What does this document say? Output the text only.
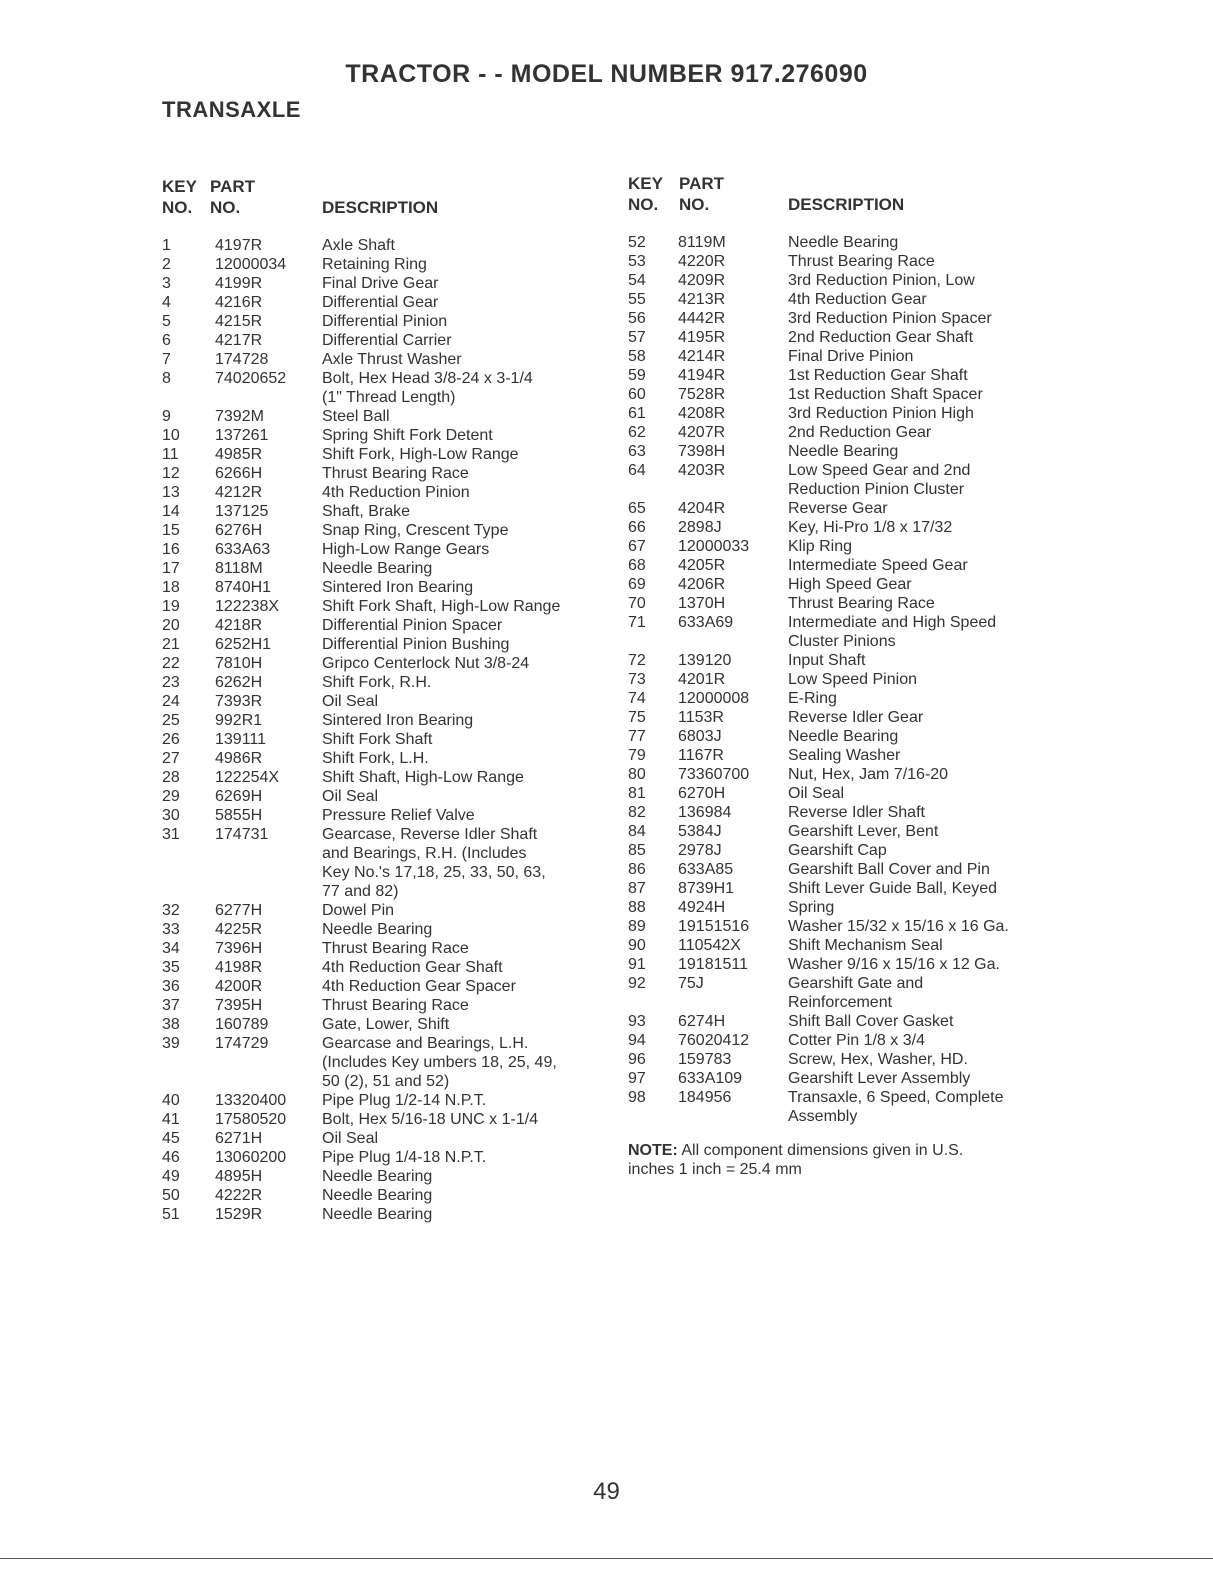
TRACTOR - - MODEL NUMBER 917.276090
TRANSAXLE
KEY
NO.
PART
NO.	DESCRIPTION
KEY
NO.
PART
NO.	DESCRIPTION
1	4197R	Axle Shaft
2	12000034	Retaining Ring
3	4199R	Final Drive Gear
4	4216R	Differential Gear
5	4215R	Differential Pinion
6	4217R	Differential Carrier
7	174728	Axle Thrust Washer
8	74020652	Bolt, Hex Head 3/8-24 x 3-1/4
(1" Thread Length)
9	7392M	Steel Ball
10	137261	Spring Shift Fork Detent
11	4985R	Shift Fork, High-Low Range
12	6266H	Thrust Bearing Race
13	4212R	4th Reduction Pinion
14	137125	Shaft, Brake
15	6276H	Snap Ring, Crescent Type
16	633A63	High-Low Range Gears
17	8118M	Needle Bearing
18	8740H1	Sintered Iron Bearing
19	122238X	Shift Fork Shaft, High-Low Range
20	4218R	Differential Pinion Spacer
21	6252H1	Differential Pinion Bushing
22	7810H	Gripco Centerlock Nut 3/8-24
23	6262H	Shift Fork, R.H.
24	7393R	Oil Seal
25	992R1	Sintered Iron Bearing
26	139111	Shift Fork Shaft
27	4986R	Shift Fork, L.H.
28	122254X	Shift Shaft, High-Low Range
29	6269H	Oil Seal
30	5855H	Pressure Relief Valve
31	174731	Gearcase, Reverse Idler Shaft
and Bearings, R.H. (Includes
Key No.'s 17,18, 25, 33, 50, 63,
77 and 82)
32	6277H	Dowel Pin
33	4225R	Needle Bearing
34	7396H	Thrust Bearing Race
35	4198R	4th Reduction Gear Shaft
36	4200R	4th Reduction Gear Spacer
37	7395H	Thrust Bearing Race
38	160789	Gate, Lower, Shift
39	174729	Gearcase and Bearings, L.H.
(Includes Key umbers 18, 25, 49,
50 (2), 51 and 52)
40	13320400	Pipe Plug 1/2-14 N.P.T.
41	17580520	Bolt, Hex 5/16-18 UNC x 1-1/4
45	6271H	Oil Seal
46	13060200	Pipe Plug 1/4-18 N.P.T.
49	4895H	Needle Bearing
50	4222R	Needle Bearing
51	1529R	Needle Bearing
52	8119M	Needle Bearing
53	4220R	Thrust Bearing Race
54	4209R	3rd Reduction Pinion, Low
55	4213R	4th Reduction Gear
56	4442R	3rd Reduction Pinion Spacer
57	4195R	2nd Reduction Gear Shaft
58	4214R	Final Drive Pinion
59	4194R	1st Reduction Gear Shaft
60	7528R	1st Reduction Shaft Spacer
61	4208R	3rd Reduction Pinion High
62	4207R	2nd Reduction Gear
63	7398H	Needle Bearing
64	4203R	Low Speed Gear and 2nd
Reduction Pinion Cluster
65	4204R	Reverse Gear
66	2898J	Key, Hi-Pro 1/8 x 17/32
67	12000033	Klip Ring
68	4205R	Intermediate Speed Gear
69	4206R	High Speed Gear
70	1370H	Thrust Bearing Race
71	633A69	Intermediate and High Speed
Cluster Pinions
72	139120	Input Shaft
73	4201R	Low Speed Pinion
74	12000008	E-Ring
75	1153R	Reverse Idler Gear
77	6803J	Needle Bearing
79	1167R	Sealing Washer
80	73360700	Nut, Hex, Jam 7/16-20
81	6270H	Oil Seal
82	136984	Reverse Idler Shaft
84	5384J	Gearshift Lever, Bent
85	2978J	Gearshift Cap
86	633A85	Gearshift Ball Cover and Pin
87	8739H1	Shift Lever Guide Ball, Keyed
88	4924H	Spring
89	19151516	Washer 15/32 x 15/16 x 16 Ga.
90	110542X	Shift Mechanism Seal
91	19181511	Washer 9/16 x 15/16 x 12 Ga.
92	75J	Gearshift Gate and
Reinforcement
93	6274H	Shift Ball Cover Gasket
94	76020412	Cotter Pin 1/8 x 3/4
96	159783	Screw, Hex, Washer, HD.
97	633A109	Gearshift Lever Assembly
98	184956	Transaxle, 6 Speed, Complete
Assembly
NOTE: All component dimensions given in U.S.
inches 1 inch = 25.4 mm
49
